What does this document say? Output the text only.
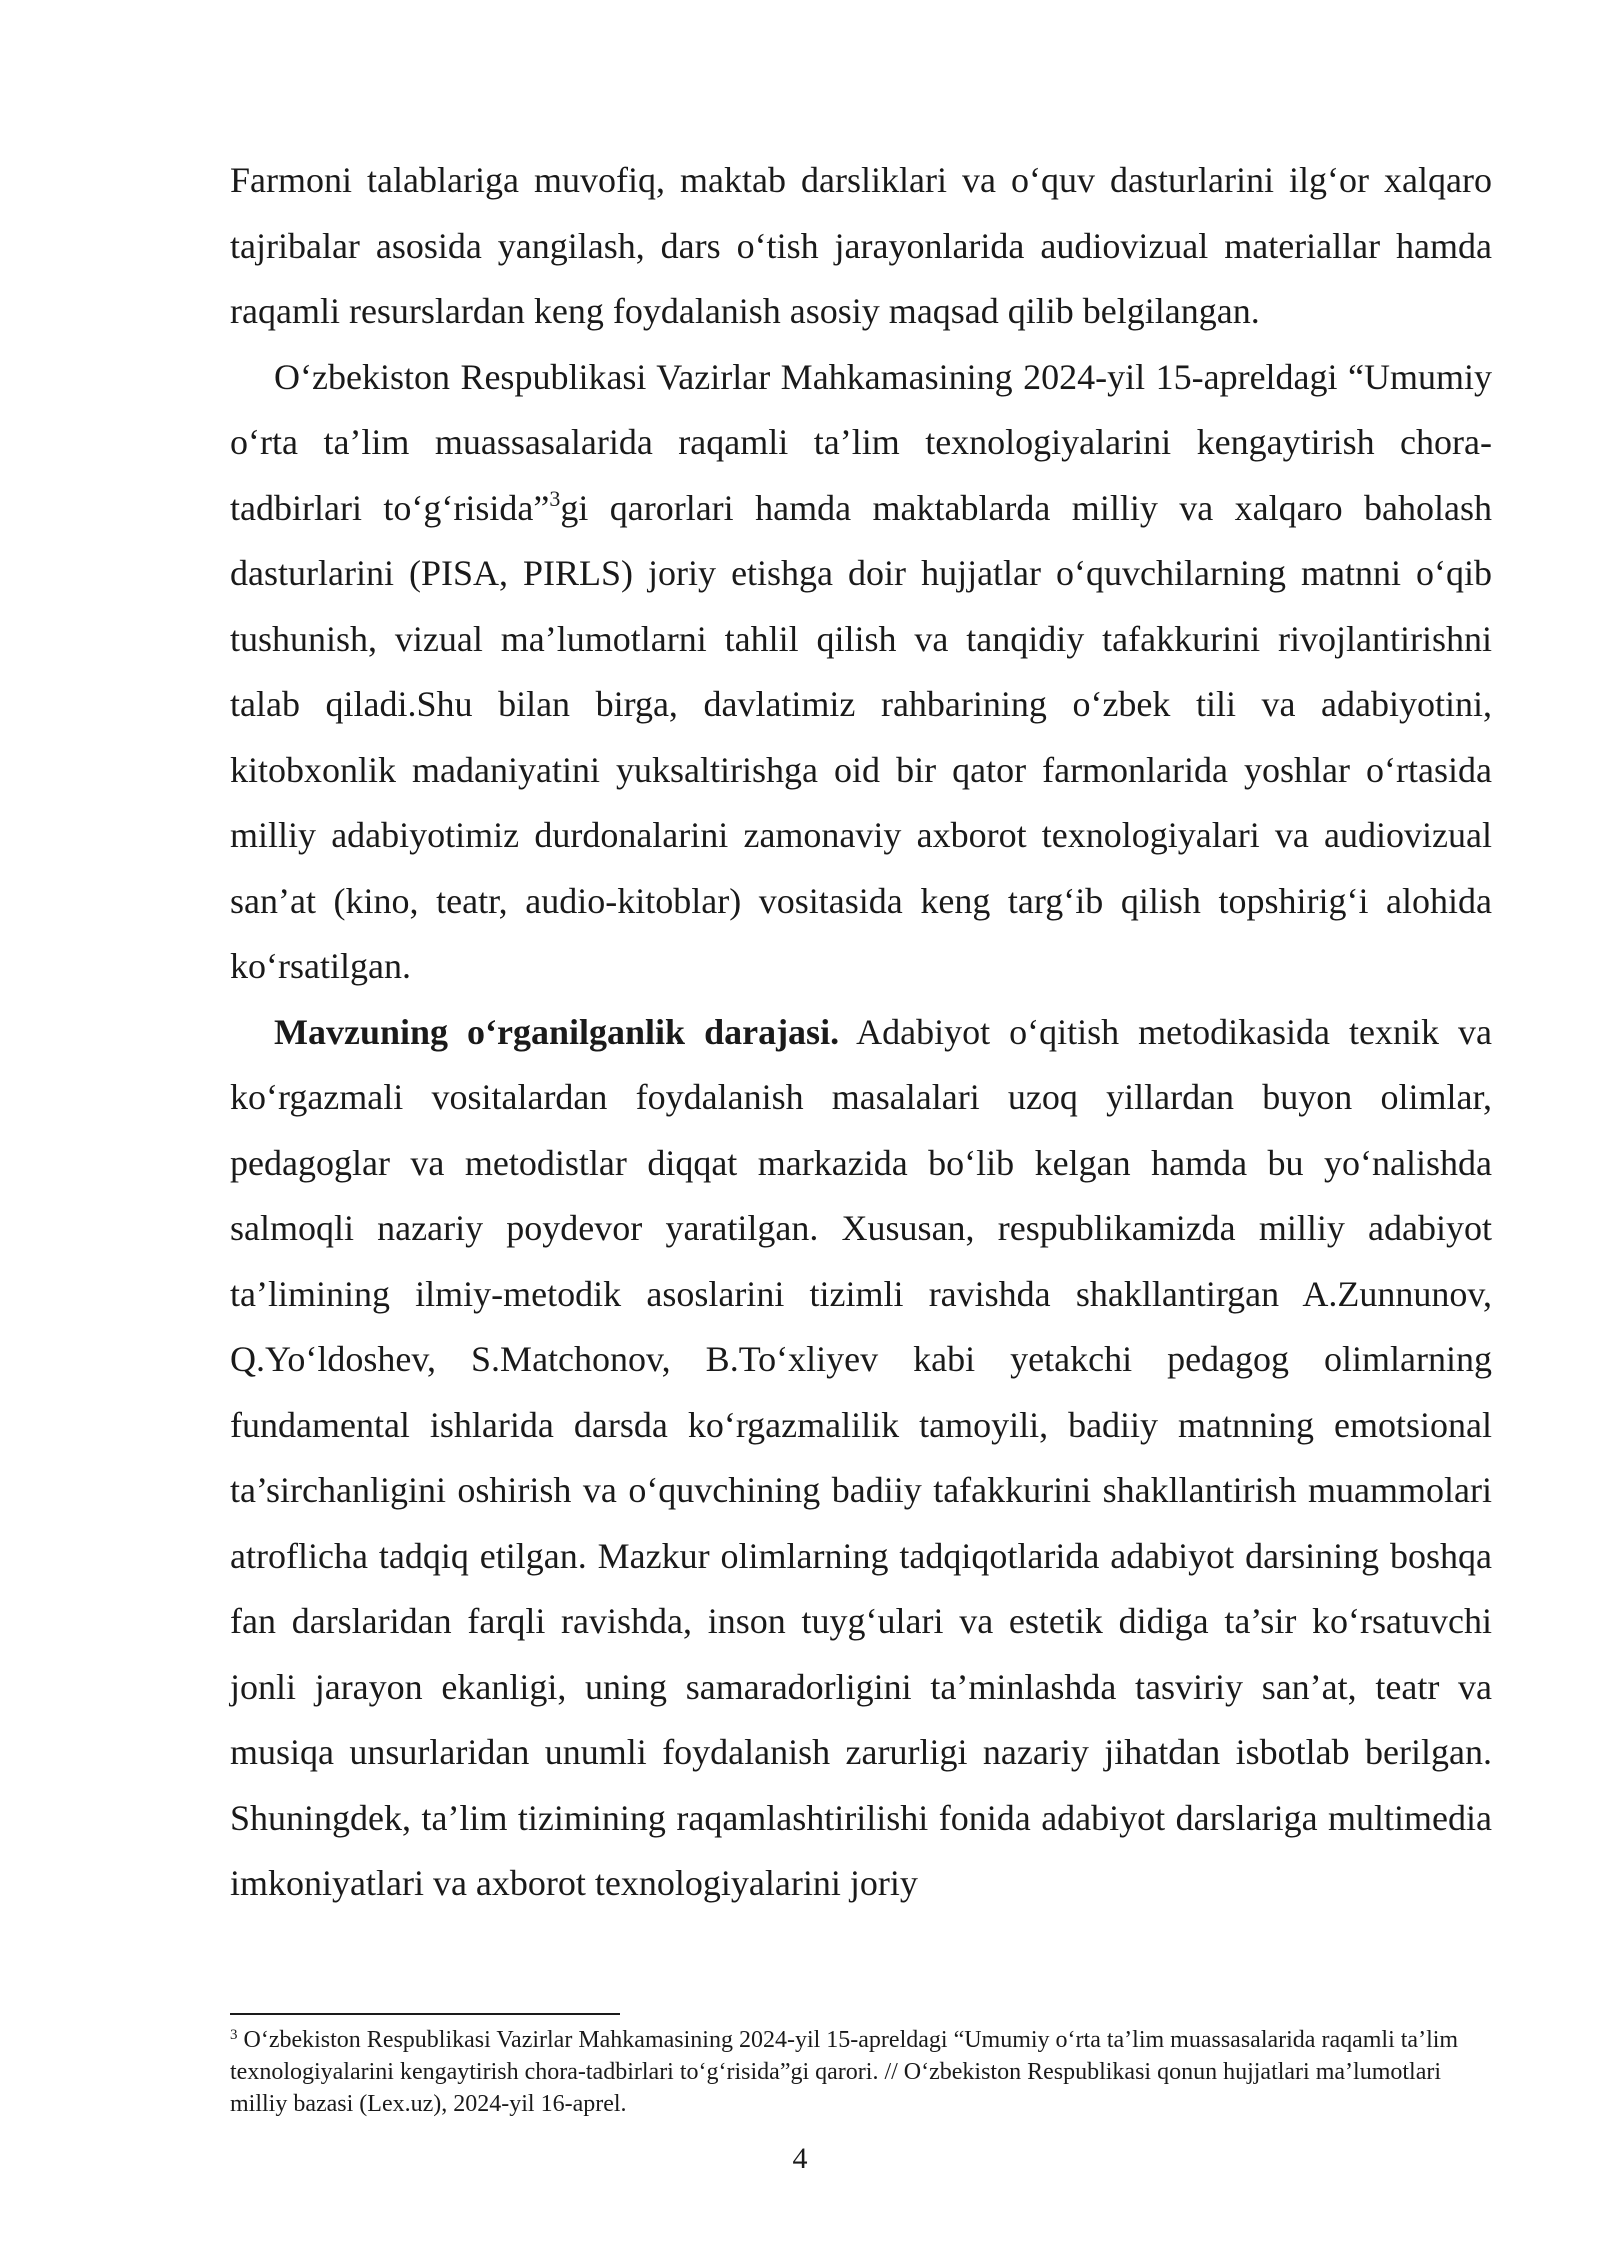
Farmoni talablariga muvofiq, maktab darsliklari va o‘quv dasturlarini ilg‘or xalqaro tajribalar asosida yangilash, dars o‘tish jarayonlarida audiovizual materiallar hamda raqamli resurslardan keng foydalanish asosiy maqsad qilib belgilangan.

O‘zbekiston Respublikasi Vazirlar Mahkamasining 2024-yil 15-apreldagi “Umumiy o‘rta ta’lim muassasalarida raqamli ta’lim texnologiyalarini kengaytirish chora-tadbirlari to‘g‘risida”$^3$gi qarorlari hamda maktablarda milliy va xalqaro baholash dasturlarini (PISA, PIRLS) joriy etishga doir hujjatlar o‘quvchilarning matnni o‘qib tushunish, vizual ma’lumotlarni tahlil qilish va tanqidiy tafakkurini rivojlantirishni talab qiladi.Shu bilan birga, davlatimiz rahbarining o‘zbek tili va adabiyotini, kitobxonlik madaniyatini yuksaltirishga oid bir qator farmonlarida yoshlar o‘rtasida milliy adabiyotimiz durdonalarini zamonaviy axborot texnologiyalari va audiovizual san’at (kino, teatr, audio-kitoblar) vositasida keng targ‘ib qilish topshirig‘i alohida ko‘rsatilgan.

Mavzuning o‘rganilganlik darajasi. Adabiyot o‘qitish metodikasida texnik va ko‘rgazmali vositalardan foydalanish masalalari uzoq yillardan buyon olimlar, pedagoglar va metodistlar diqqat markazida bo‘lib kelgan hamda bu yo‘nalishda salmoqli nazariy poydevor yaratilgan. Xususan, respublikamizda milliy adabiyot ta’limining ilmiy-metodik asoslarini tizimli ravishda shakllantirgan A.Zunnunov, Q.Yo‘ldoshev, S.Matchonov, B.To‘xliyev kabi yetakchi pedagog olimlarning fundamental ishlarida darsda ko‘rgazmalilik tamoyili, badiiy matnning emotsional ta’sirchanligini oshirish va o‘quvchining badiiy tafakkurini shakllantirish muammolari atroflicha tadqiq etilgan. Mazkur olimlarning tadqiqotlarida adabiyot darsining boshqa fan darslaridan farqli ravishda, inson tuyg‘ulari va estetik didiga ta’sir ko‘rsatuvchi jonli jarayon ekanligi, uning samaradorligini ta’minlashda tasviriy san’at, teatr va musiqa unsurlaridan unumli foydalanish zarurligi nazariy jihatdan isbotlab berilgan. Shuningdek, ta’lim tizimining raqamlashtirilishi fonida adabiyot darslariga multimedia imkoniyatlari va axborot texnologiyalarini joriy

$^3$ O‘zbekiston Respublikasi Vazirlar Mahkamasining 2024-yil 15-apreldagi “Umumiy o‘rta ta’lim muassasalarida raqamli ta’lim texnologiyalarini kengaytirish chora-tadbirlari to‘g‘risida”gi qarori. // O‘zbekiston Respublikasi qonun hujjatlari ma’lumotlari milliy bazasi (Lex.uz), 2024-yil 16-aprel.
4
